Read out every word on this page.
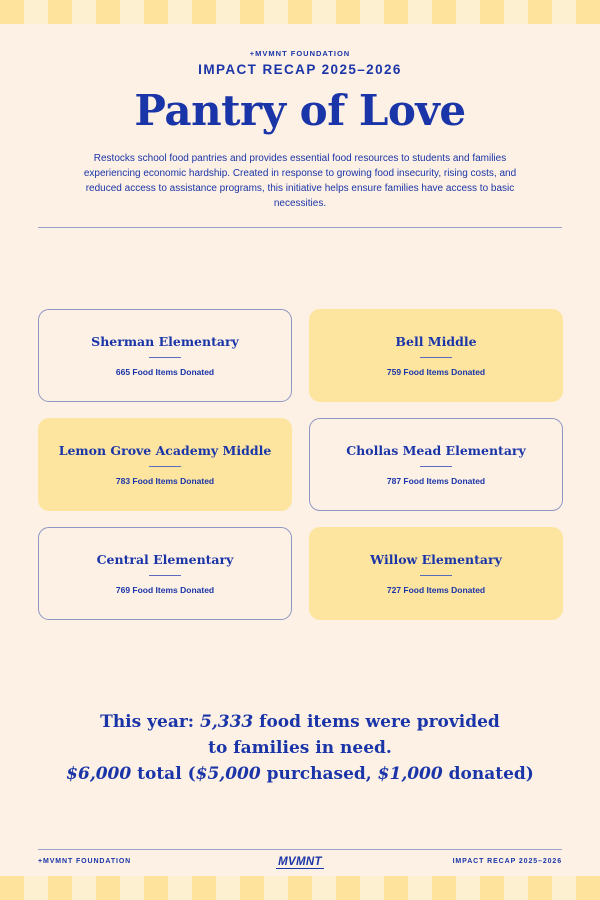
+MVMNT FOUNDATION
IMPACT RECAP 2025–2026
Pantry of Love

Restocks school food pantries and provides essential food resources to students and families experiencing economic hardship. Created in response to growing food insecurity, rising costs, and reduced access to assistance programs, this initiative helps ensure families have access to basic necessities.

Sherman Elementary
665 Food Items Donated
Bell Middle
759 Food Items Donated
Lemon Grove Academy Middle
783 Food Items Donated
Chollas Mead Elementary
787 Food Items Donated
Central Elementary
769 Food Items Donated
Willow Elementary
727 Food Items Donated
This year: 5,333 food items were provided
to families in need.
$6,000 total ($5,000 purchased, $1,000 donated)
+MVMNT FOUNDATION	MVMNT	IMPACT RECAP 2025–2026
